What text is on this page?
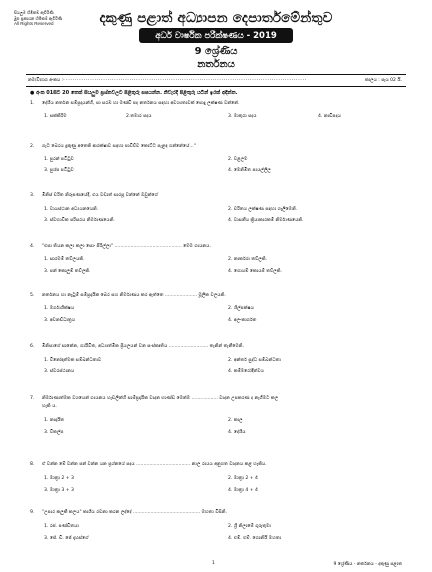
සියලුම හිමිකම් ඇවිරිණි
මුළු ප්‍රකාශන හිමිකම් ඇවිරිණි
All Rights Reserved	දකුණු පළාත් අධ්‍යාපන දෙපාර්තමේන්තුව
අර්ධ වාර්ෂික පරීක්ෂණය - 2019
9 ශ්‍රේණිය
නර්තනය
නම/විභාග අංකය :- ..............................................................................................................	කාලය : පැය 02 යි.
● අංක 01සිට 20 තෙක් සියලුම ප්‍රශ්නවලට පිළිතුරු සපයන්න. නිවැරදි පිළිතුරු යටින් ඉරක් අඳින්න.
1. දේශීය නර්තන සම්ප්‍රදායන්හි, පා සරඹ හා මණ්ඩි පද නර්තනය සඳහා අවශ්‍යතාවක් පොදු ලක්ෂණ වන්නේ.
1. සක්කිරිම	2.තමාර පදය	3. මාතුරා පදය	4. නාඩිපදය
2. ගැට බෙරය දුකුණු අතෙකි ආරක්ෂාව සඳහා පාවිච්ච කොට්ට පැළඳ ගන්නේයේ..."
1. පුරන් පටිටුව	2. වළලම
3. පුශ්ප පටිටුව	4. මෙනිමිත පායල්ලීල
3. මිනිස් චරිත නිරූපණයේදී, එය වඩාත් සාරපූ වන්නේ ඔවුන්ගේ
1. වායස්ථාන අධ්‍යයනයෙනි.	2. චරිතය ලක්ෂණ සඳහා ගැලීමෙනි.
3. ස්වභාවික පරිසරය නිර්මාණයෙනි.	4. වාසනීය ක්‍රියාකාරකම් නිර්මාණයෙනි.
4. "එපා තියන කලා කලා සොං පිරිල්ලා" .............................................. මෙම ගායනය.
1. සාරමම් තව්ලයකි.	2. නාර්කරා තව්ලකි.
3. පන් කොලුම් තව්ලකි.	4. ගොයම් කොයම් තව්ලකි.
5. නර්තනය හා නැටුම් සම්ප්‍රදායික බෙර සහ නිර්මාණය කර ඇත්තෙ ...................... මූලික වලයකි.
1. මර්ගාශික්ෂය	2. ශිල්පක්ෂය
3. අවනඩ්ධාත්‍රය	4. අලංකාර්ගත
6. මිනිසාගේ සානේන, ගායිවිත, අධ්‍යාත්මික ප්‍රියලයන් වන සංස්කෘතිය ........................... තැනින් තැනීමෙනි.
1. විනෝදාත්මක සම්බන්ධතාව	2. අන්තර් සුද්ධ සම්බන්ධතා
3. ස්වරස්ථානය	4. කම්මරෝදීත්වය
7. නිර්මාණාත්මක වශයෙන් ගායනය හැඩලින්හි සාම්ප්‍රදායික වාදන භාණ්ඩ මෙන්ම .................. වාදන උපකරණ ද නැගීමට කල
හැකි ය.
1. නාදායිත	2. කාල
3. විකල්ප	4. දේශීය
8. ඒ වන්න මේ වන්න පන් වන්න යන ප්‍රශ්නයේ පදය ..................................... නාල රායය අනුගත වාදනය කළ හැකිය.
1. මාත්‍රා 2 + 3	2. මාත්‍රා 2 + 4
3. මාත්‍රා 3 + 3	4. මාත්‍රා 4 + 4
9. "උපාර කලුකී කලය" කාශිය රචනා කරන ලද්දේ .............................................. මහතා විසිනි.
1. රජ. පණ්ඩිතයා	2. ශ්‍රී නිලාමේ ගුරුතුමා
3. ජේ. ඩී. ජේ දෑහස්ගේ	4. එම්. එම්. ගොනියි මහතා
1	9 ශ්‍රේණිය - නර්තනය - දකුණු පළාත
